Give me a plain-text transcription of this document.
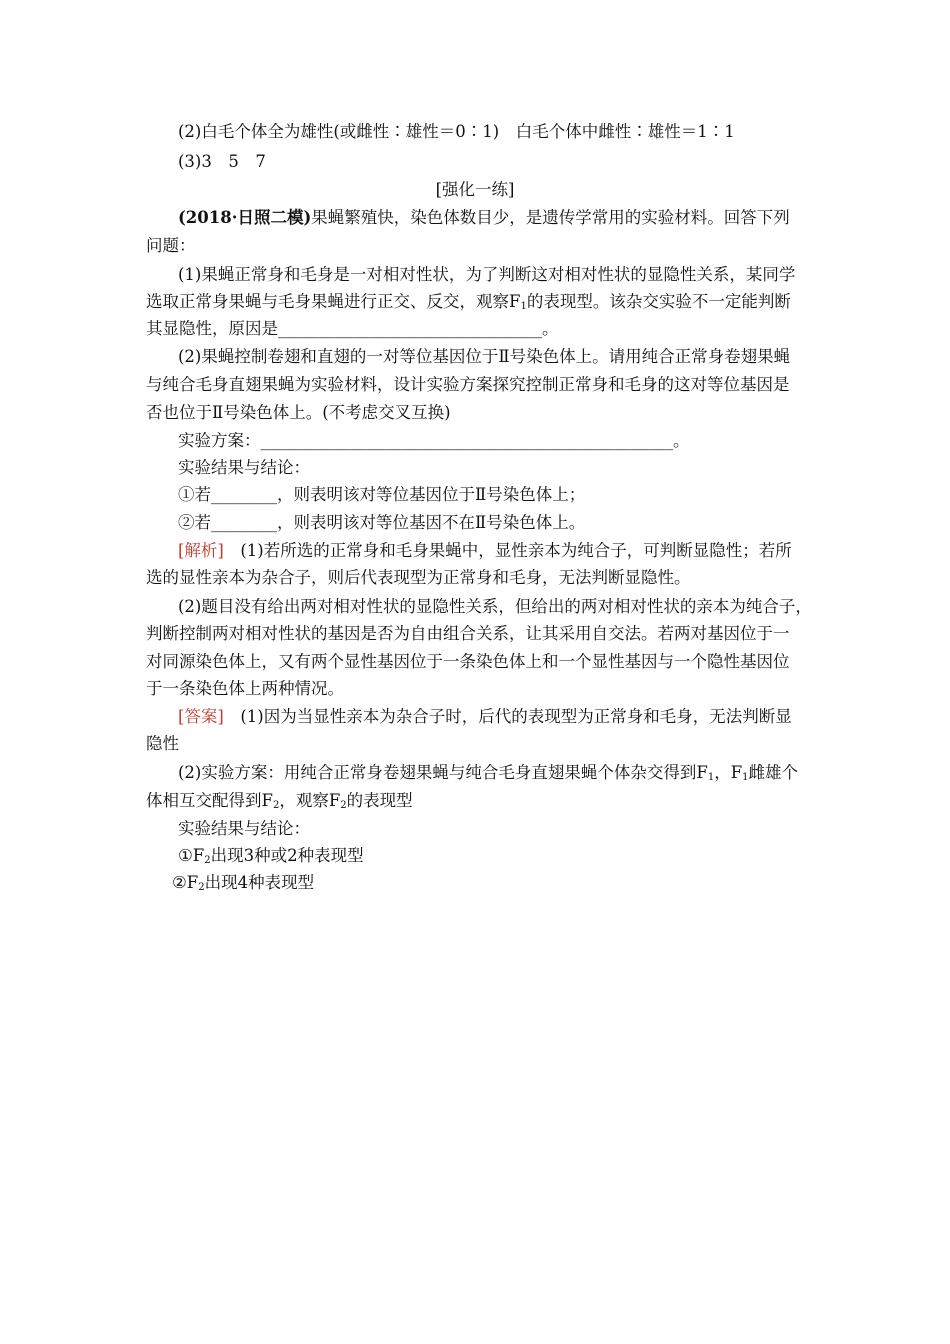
(2)白毛个体全为雄性(或雌性∶雄性＝0∶1)　白毛个体中雌性∶雄性＝1∶1
(3)3　5　7
[强化一练]
(2018·日照二模)果蝇繁殖快，染色体数目少，是遗传学常用的实验材料。回答下列
问题：
(1)果蝇正常身和毛身是一对相对性状，为了判断这对相对性状的显隐性关系，某同学
选取正常身果蝇与毛身果蝇进行正交、反交，观察$F_1$的表现型。该杂交实验不一定能判断
其显隐性，原因是________________________________。
(2)果蝇控制卷翅和直翅的一对等位基因位于Ⅱ号染色体上。请用纯合正常身卷翅果蝇
与纯合毛身直翅果蝇为实验材料，设计实验方案探究控制正常身和毛身的这对等位基因是
否也位于Ⅱ号染色体上。(不考虑交叉互换)
实验方案：__________________________________________________。
实验结果与结论：
①若________，则表明该对等位基因位于Ⅱ号染色体上；
②若________，则表明该对等位基因不在Ⅱ号染色体上。
[解析]　(1)若所选的正常身和毛身果蝇中，显性亲本为纯合子，可判断显隐性；若所
选的显性亲本为杂合子，则后代表现型为正常身和毛身，无法判断显隐性。
(2)题目没有给出两对相对性状的显隐性关系，但给出的两对相对性状的亲本为纯合子，
判断控制两对相对性状的基因是否为自由组合关系，让其采用自交法。若两对基因位于一
对同源染色体上，又有两个显性基因位于一条染色体上和一个显性基因与一个隐性基因位
于一条染色体上两种情况。
[答案]　(1)因为当显性亲本为杂合子时，后代的表现型为正常身和毛身，无法判断显
隐性
(2)实验方案：用纯合正常身卷翅果蝇与纯合毛身直翅果蝇个体杂交得到$F_1$，$F_1$雌雄个
体相互交配得到$F_2$，观察$F_2$的表现型
实验结果与结论：
$①F_2$出现3种或2种表现型
$②F_2$出现4种表现型
